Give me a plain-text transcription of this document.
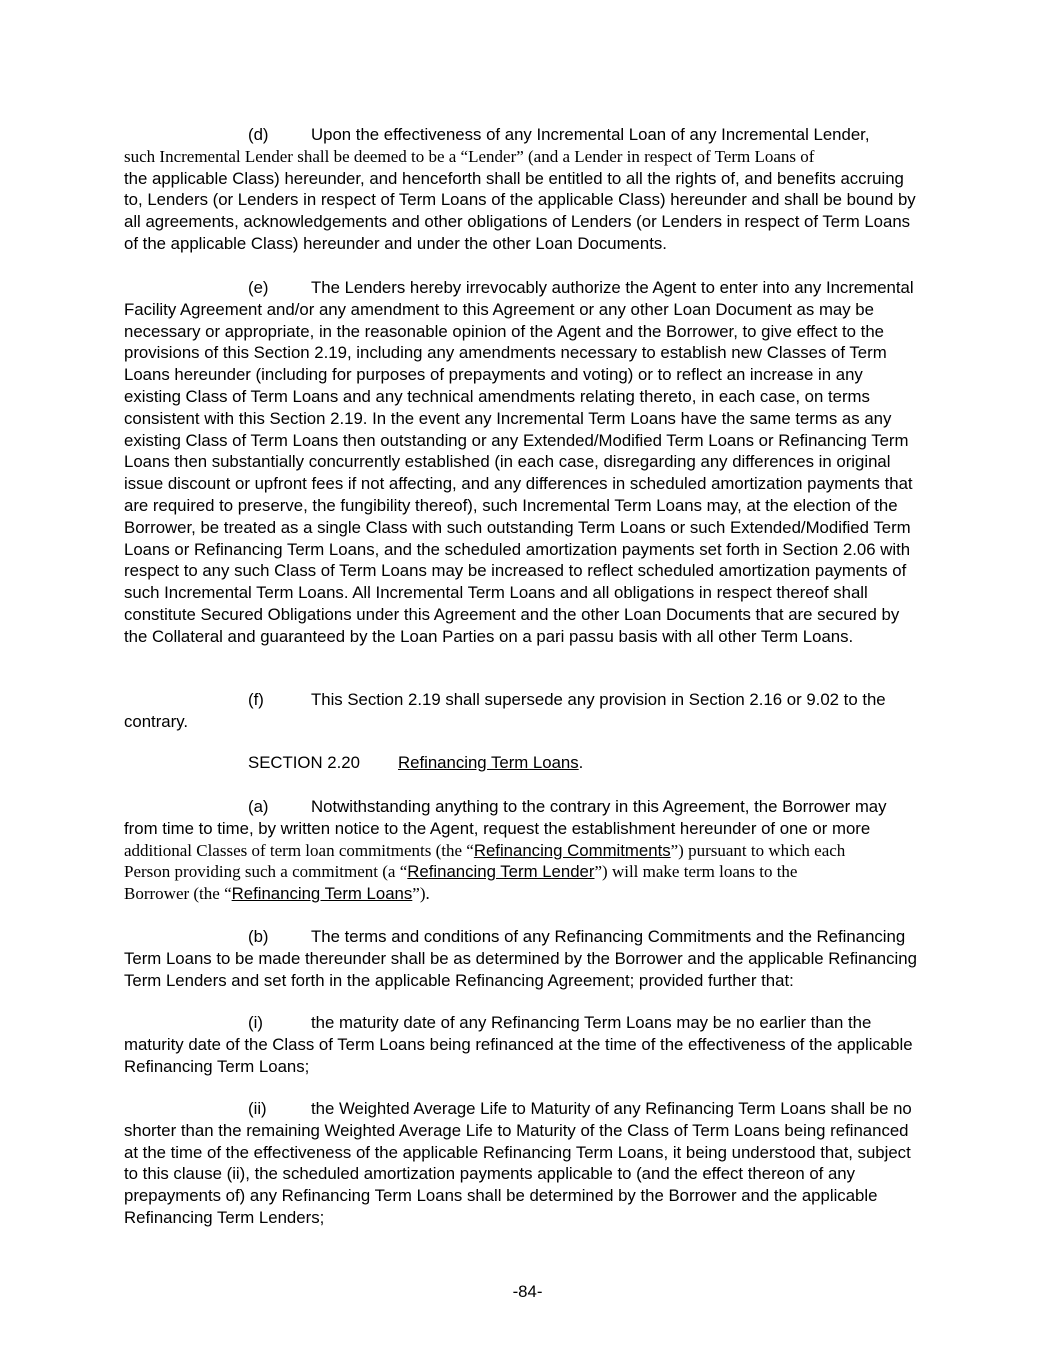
(d)	Upon the effectiveness of any Incremental Loan of any Incremental Lender,
such Incremental Lender shall be deemed to be a “Lender” (and a Lender in respect of Term Loans of
the applicable Class) hereunder, and henceforth shall be entitled to all the rights of, and benefits accruing to, Lenders (or Lenders in respect of Term Loans of the applicable Class) hereunder and shall be bound by all agreements, acknowledgements and other obligations of Lenders (or Lenders in respect of Term Loans of the applicable Class) hereunder and under the other Loan Documents.
(e)	The Lenders hereby irrevocably authorize the Agent to enter into any Incremental Facility Agreement and/or any amendment to this Agreement or any other Loan Document as may be necessary or appropriate, in the reasonable opinion of the Agent and the Borrower, to give effect to the provisions of this Section 2.19, including any amendments necessary to establish new Classes of Term Loans hereunder (including for purposes of prepayments and voting) or to reflect an increase in any existing Class of Term Loans and any technical amendments relating thereto, in each case, on terms consistent with this Section 2.19. In the event any Incremental Term Loans have the same terms as any existing Class of Term Loans then outstanding or any Extended/Modified Term Loans or Refinancing Term Loans then substantially concurrently established (in each case, disregarding any differences in original issue discount or upfront fees if not affecting, and any differences in scheduled amortization payments that are required to preserve, the fungibility thereof), such Incremental Term Loans may, at the election of the Borrower, be treated as a single Class with such outstanding Term Loans or such Extended/Modified Term Loans or Refinancing Term Loans, and the scheduled amortization payments set forth in Section 2.06 with respect to any such Class of Term Loans may be increased to reflect scheduled amortization payments of such Incremental Term Loans. All Incremental Term Loans and all obligations in respect thereof shall constitute Secured Obligations under this Agreement and the other Loan Documents that are secured by the Collateral and guaranteed by the Loan Parties on a pari passu basis with all other Term Loans.
(f)	This Section 2.19 shall supersede any provision in Section 2.16 or 9.02 to the
contrary.
SECTION 2.20 Refinancing Term Loans.
(a)	Notwithstanding anything to the contrary in this Agreement, the Borrower may
from time to time, by written notice to the Agent, request the establishment hereunder of one or more
additional Classes of term loan commitments (the “Refinancing Commitments”) pursuant to which each
Person providing such a commitment (a “Refinancing Term Lender”) will make term loans to the
Borrower (the “Refinancing Term Loans”).
(b)	The terms and conditions of any Refinancing Commitments and the Refinancing Term Loans to be made thereunder shall be as determined by the Borrower and the applicable Refinancing Term Lenders and set forth in the applicable Refinancing Agreement; provided further that:
(i)	the maturity date of any Refinancing Term Loans may be no earlier than the maturity date of the Class of Term Loans being refinanced at the time of the effectiveness of the applicable Refinancing Term Loans;
(ii)	the Weighted Average Life to Maturity of any Refinancing Term Loans shall be no shorter than the remaining Weighted Average Life to Maturity of the Class of Term Loans being refinanced at the time of the effectiveness of the applicable Refinancing Term Loans, it being understood that, subject to this clause (ii), the scheduled amortization payments applicable to (and the effect thereon of any prepayments of) any Refinancing Term Loans shall be determined by the Borrower and the applicable Refinancing Term Lenders;
-84-
